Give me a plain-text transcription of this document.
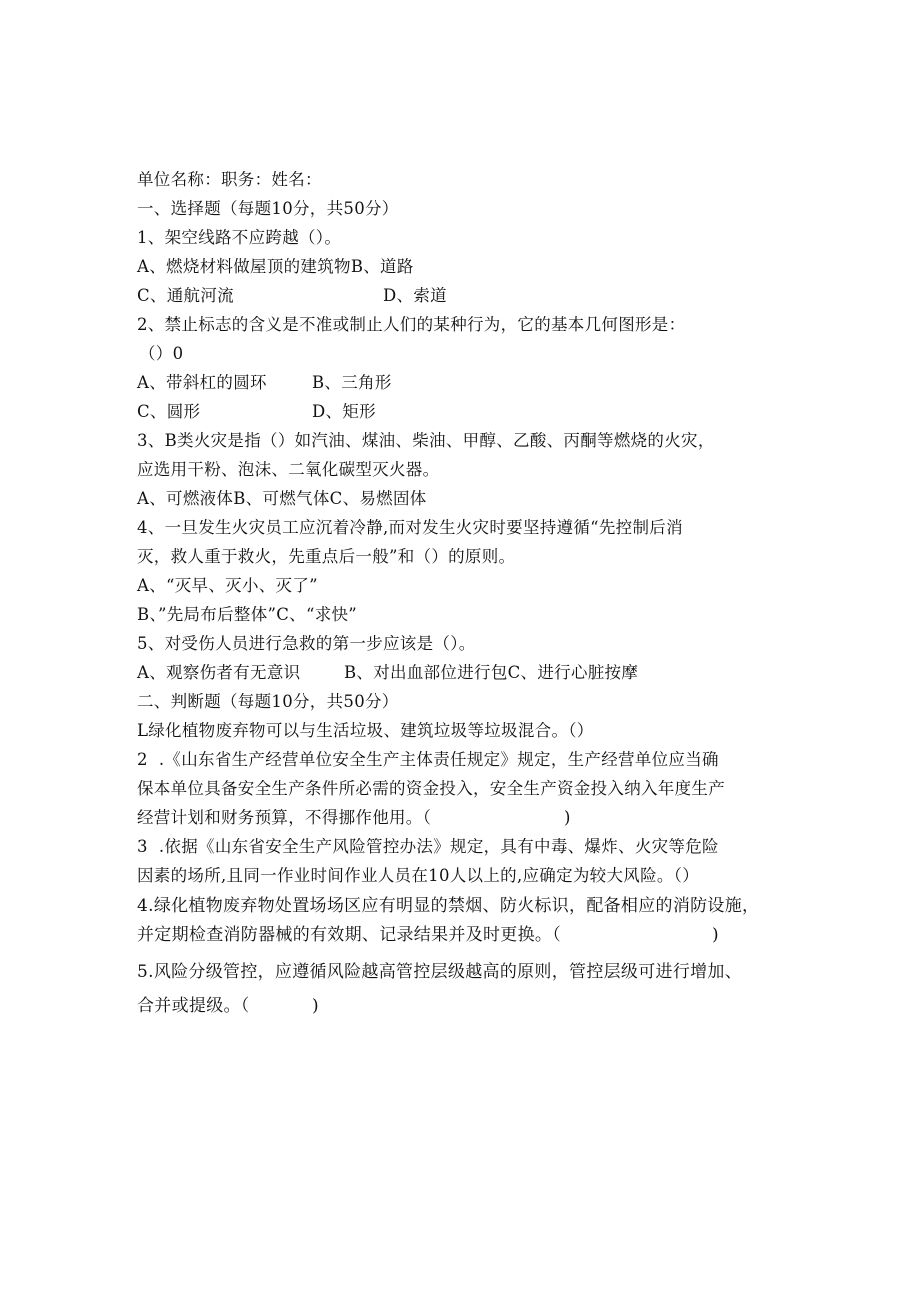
单位名称：职务：姓名：
一、选择题（每题10分，共50分）
1、架空线路不应跨越（）。
A、燃烧材料做屋顶的建筑物B、道路
C、通航河流	D、索道
2、禁止标志的含义是不准或制止人们的某种行为，它的基本几何图形是：
（）0
A、带斜杠的圆环	B、三角形
C、圆形	D、矩形
3、B类火灾是指（）如汽油、煤油、柴油、甲醇、乙酸、丙酮等燃烧的火灾，
应选用干粉、泡沫、二氧化碳型灭火器。
A、可燃液体B、可燃气体C、易燃固体
4、一旦发生火灾员工应沉着冷静,而对发生火灾时要坚持遵循“先控制后消
灭，救人重于救火，先重点后一般”和（）的原则。
A、“灭早、灭小、灭了”
B、”先局布后整体”C、“求快”
5、对受伤人员进行急救的第一步应该是（）。
A、观察伤者有无意识	B、对出血部位进行包C、进行心脏按摩
二、判断题（每题10分，共50分）
L绿化植物废弃物可以与生活垃圾、建筑垃圾等垃圾混合。（）
2  .《山东省生产经营单位安全生产主体责任规定》规定，生产经营单位应当确
保本单位具备安全生产条件所必需的资金投入，安全生产资金投入纳入年度生产
经营计划和财务预算，不得挪作他用。（	)
3  .依据《山东省安全生产风险管控办法》规定，具有中毒、爆炸、火灾等危险
因素的场所,且同一作业时间作业人员在10人以上的,应确定为较大风险。（）
4.绿化植物废弃物处置场场区应有明显的禁烟、防火标识，配备相应的消防设施，
并定期检查消防器械的有效期、记录结果并及时更换。（	)
5.风险分级管控，应遵循风险越高管控层级越高的原则，管控层级可进行增加、
合并或提级。（	)
